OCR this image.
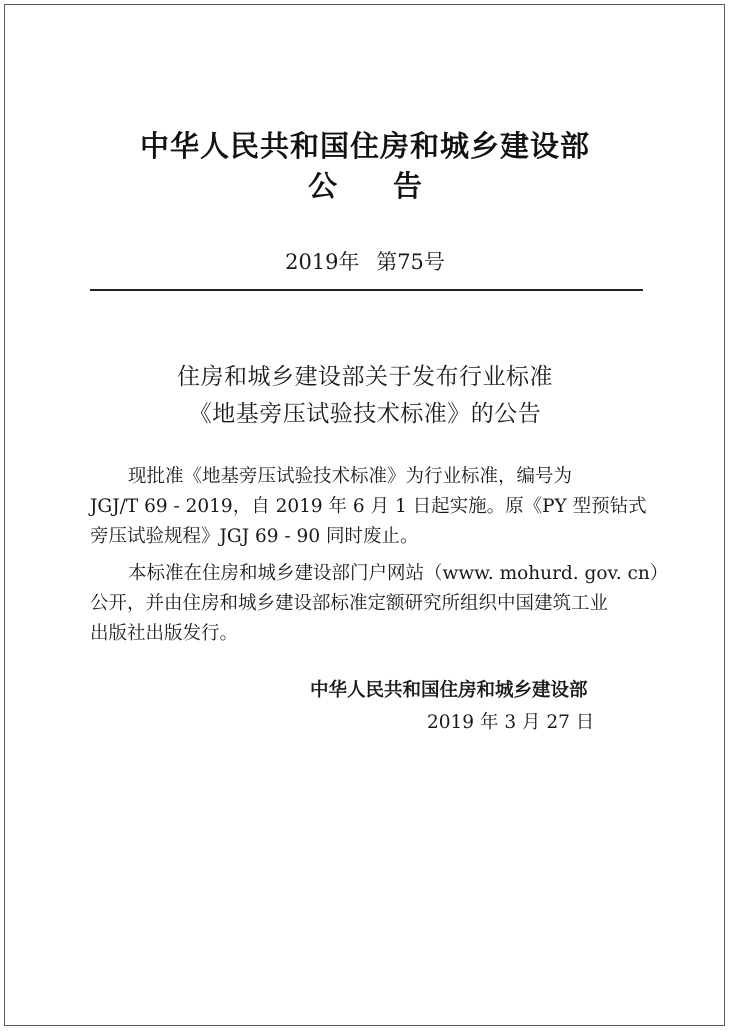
中华人民共和国住房和城乡建设部
公告
2019年 第75号
住房和城乡建设部关于发布行业标准
《地基旁压试验技术标准》的公告
现批准《地基旁压试验技术标准》为行业标准，编号为
JGJ/T 69 - 2019，自 2019 年 6 月 1 日起实施。原《PY 型预钻式
旁压试验规程》JGJ 69 - 90 同时废止。
本标准在住房和城乡建设部门户网站（www. mohurd. gov. cn）
公开，并由住房和城乡建设部标准定额研究所组织中国建筑工业
出版社出版发行。
中华人民共和国住房和城乡建设部
2019 年 3 月 27 日
